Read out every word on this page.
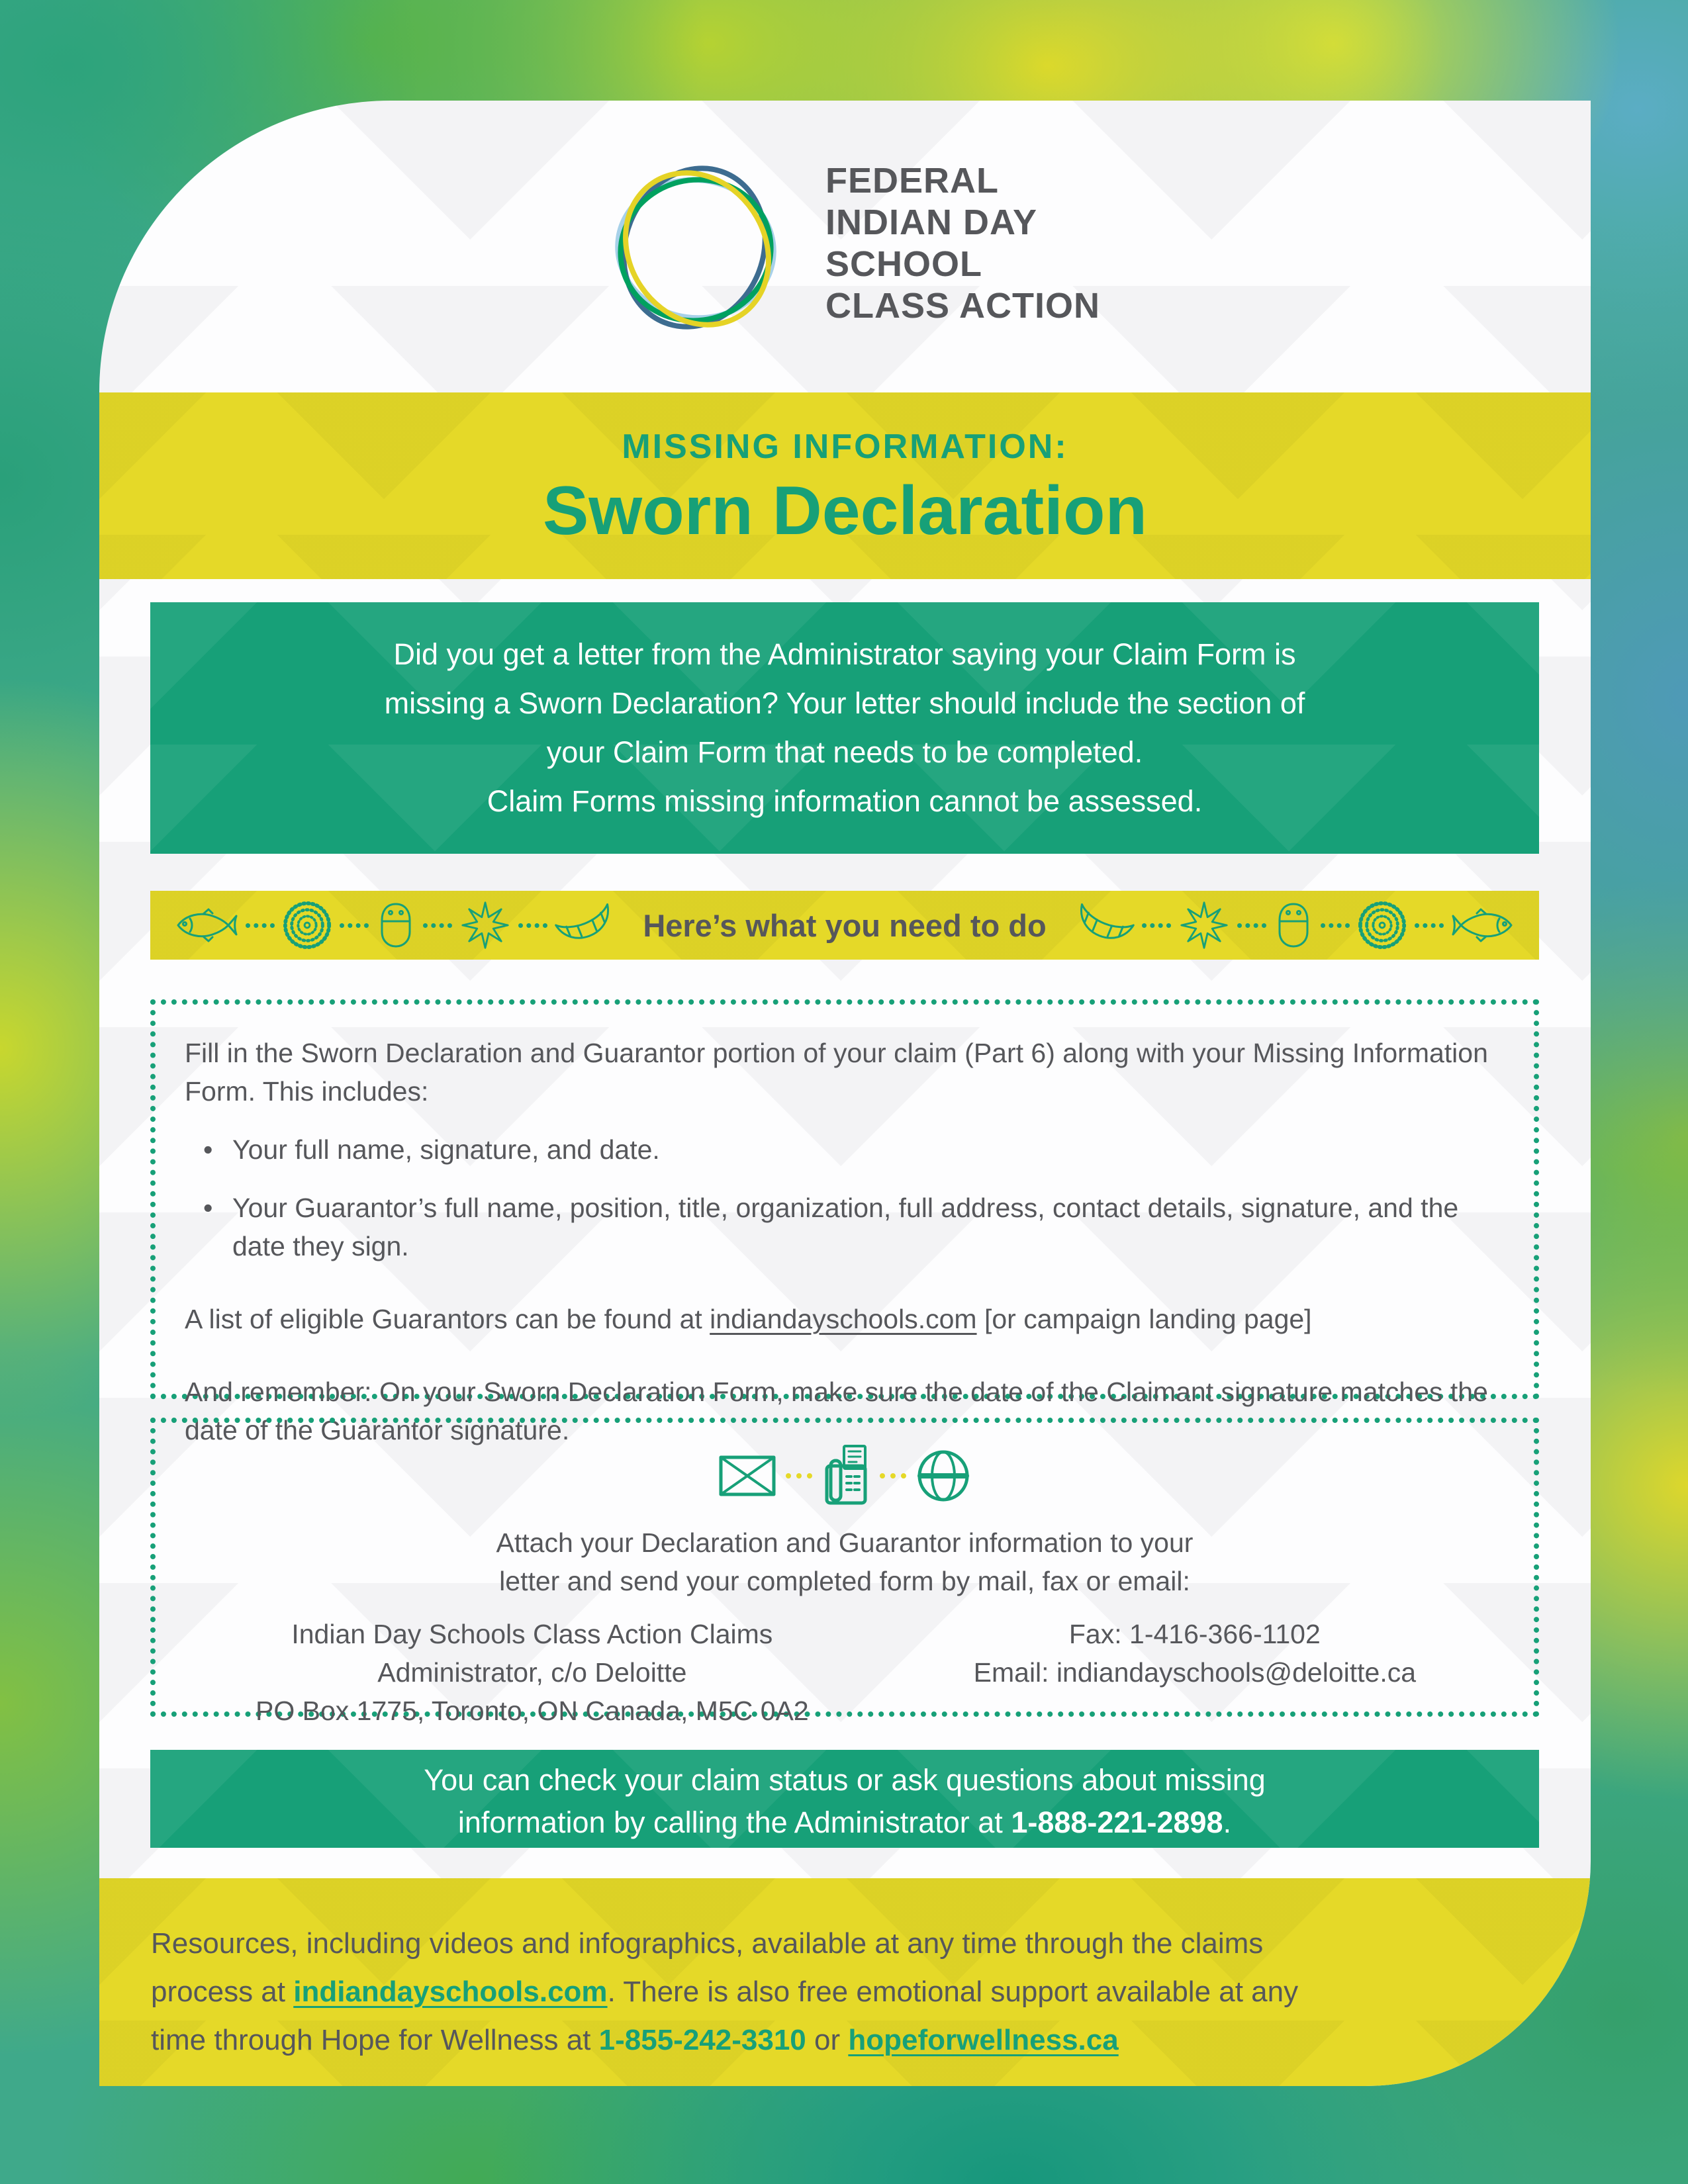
FEDERAL
INDIAN DAY
SCHOOL
CLASS ACTION
MISSING INFORMATION:
Sworn Declaration
Did you get a letter from the Administrator saying your Claim Form is
missing a Sworn Declaration? Your letter should include the section of
your Claim Form that needs to be completed.
Claim Forms missing information cannot be assessed.
Here’s what you need to do

Fill in the Sworn Declaration and Guarantor portion of your claim (Part 6) along with your Missing Information Form. This includes:

• Your full name, signature, and date.
• Your Guarantor’s full name, position, title, organization, full address, contact details, signature, and the date they sign.

A list of eligible Guarantors can be found at indiandayschools.com [or campaign landing page]

And remember: On your Sworn Declaration Form, make sure the date of the Claimant signature matches the date of the Guarantor signature.

Attach your Declaration and Guarantor information to your
letter and send your completed form by mail, fax or email:
Indian Day Schools Class Action Claims
Administrator, c/o Deloitte
PO Box 1775, Toronto, ON Canada, M5C 0A2
Fax: 1-416-366-1102
Email: indiandayschools@deloitte.ca
You can check your claim status or ask questions about missing
information by calling the Administrator at 1-888-221-2898.
Resources, including videos and infographics, available at any time through the claims
process at indiandayschools.com. There is also free emotional support available at any
time through Hope for Wellness at 1-855-242-3310 or hopeforwellness.ca
